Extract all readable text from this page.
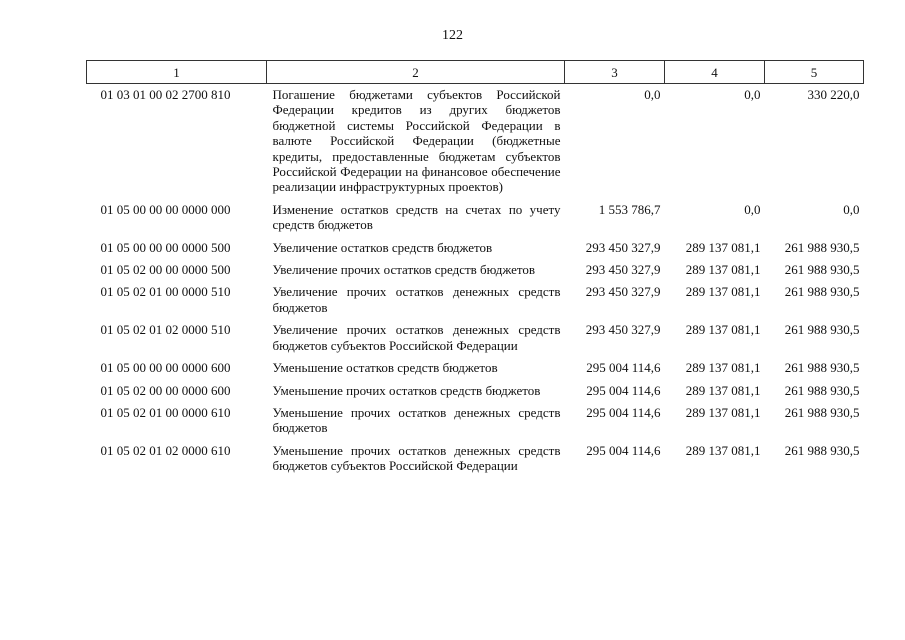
122
1	2	3	4	5
01 03 01 00 02 2700 810	Погашение бюджетами субъектов Российской Федерации кредитов из других бюджетов бюджетной системы Российской Федерации в валюте Российской Федерации (бюджетные кредиты, предоставленные бюджетам субъектов Российской Федерации на финансовое обеспечение реализации инфраструктурных проектов)	0,0	0,0	330 220,0
01 05 00 00 00 0000 000	Изменение остатков средств на счетах по учету средств бюджетов	1 553 786,7	0,0	0,0
01 05 00 00 00 0000 500	Увеличение остатков средств бюджетов	293 450 327,9	289 137 081,1	261 988 930,5
01 05 02 00 00 0000 500	Увеличение прочих остатков средств бюджетов	293 450 327,9	289 137 081,1	261 988 930,5
01 05 02 01 00 0000 510	Увеличение прочих остатков денежных средств бюджетов	293 450 327,9	289 137 081,1	261 988 930,5
01 05 02 01 02 0000 510	Увеличение прочих остатков денежных средств бюджетов субъектов Российской Федерации	293 450 327,9	289 137 081,1	261 988 930,5
01 05 00 00 00 0000 600	Уменьшение остатков средств бюджетов	295 004 114,6	289 137 081,1	261 988 930,5
01 05 02 00 00 0000 600	Уменьшение прочих остатков средств бюджетов	295 004 114,6	289 137 081,1	261 988 930,5
01 05 02 01 00 0000 610	Уменьшение прочих остатков денежных средств бюджетов	295 004 114,6	289 137 081,1	261 988 930,5
01 05 02 01 02 0000 610	Уменьшение прочих остатков денежных средств бюджетов субъектов Российской Федерации	295 004 114,6	289 137 081,1	261 988 930,5
